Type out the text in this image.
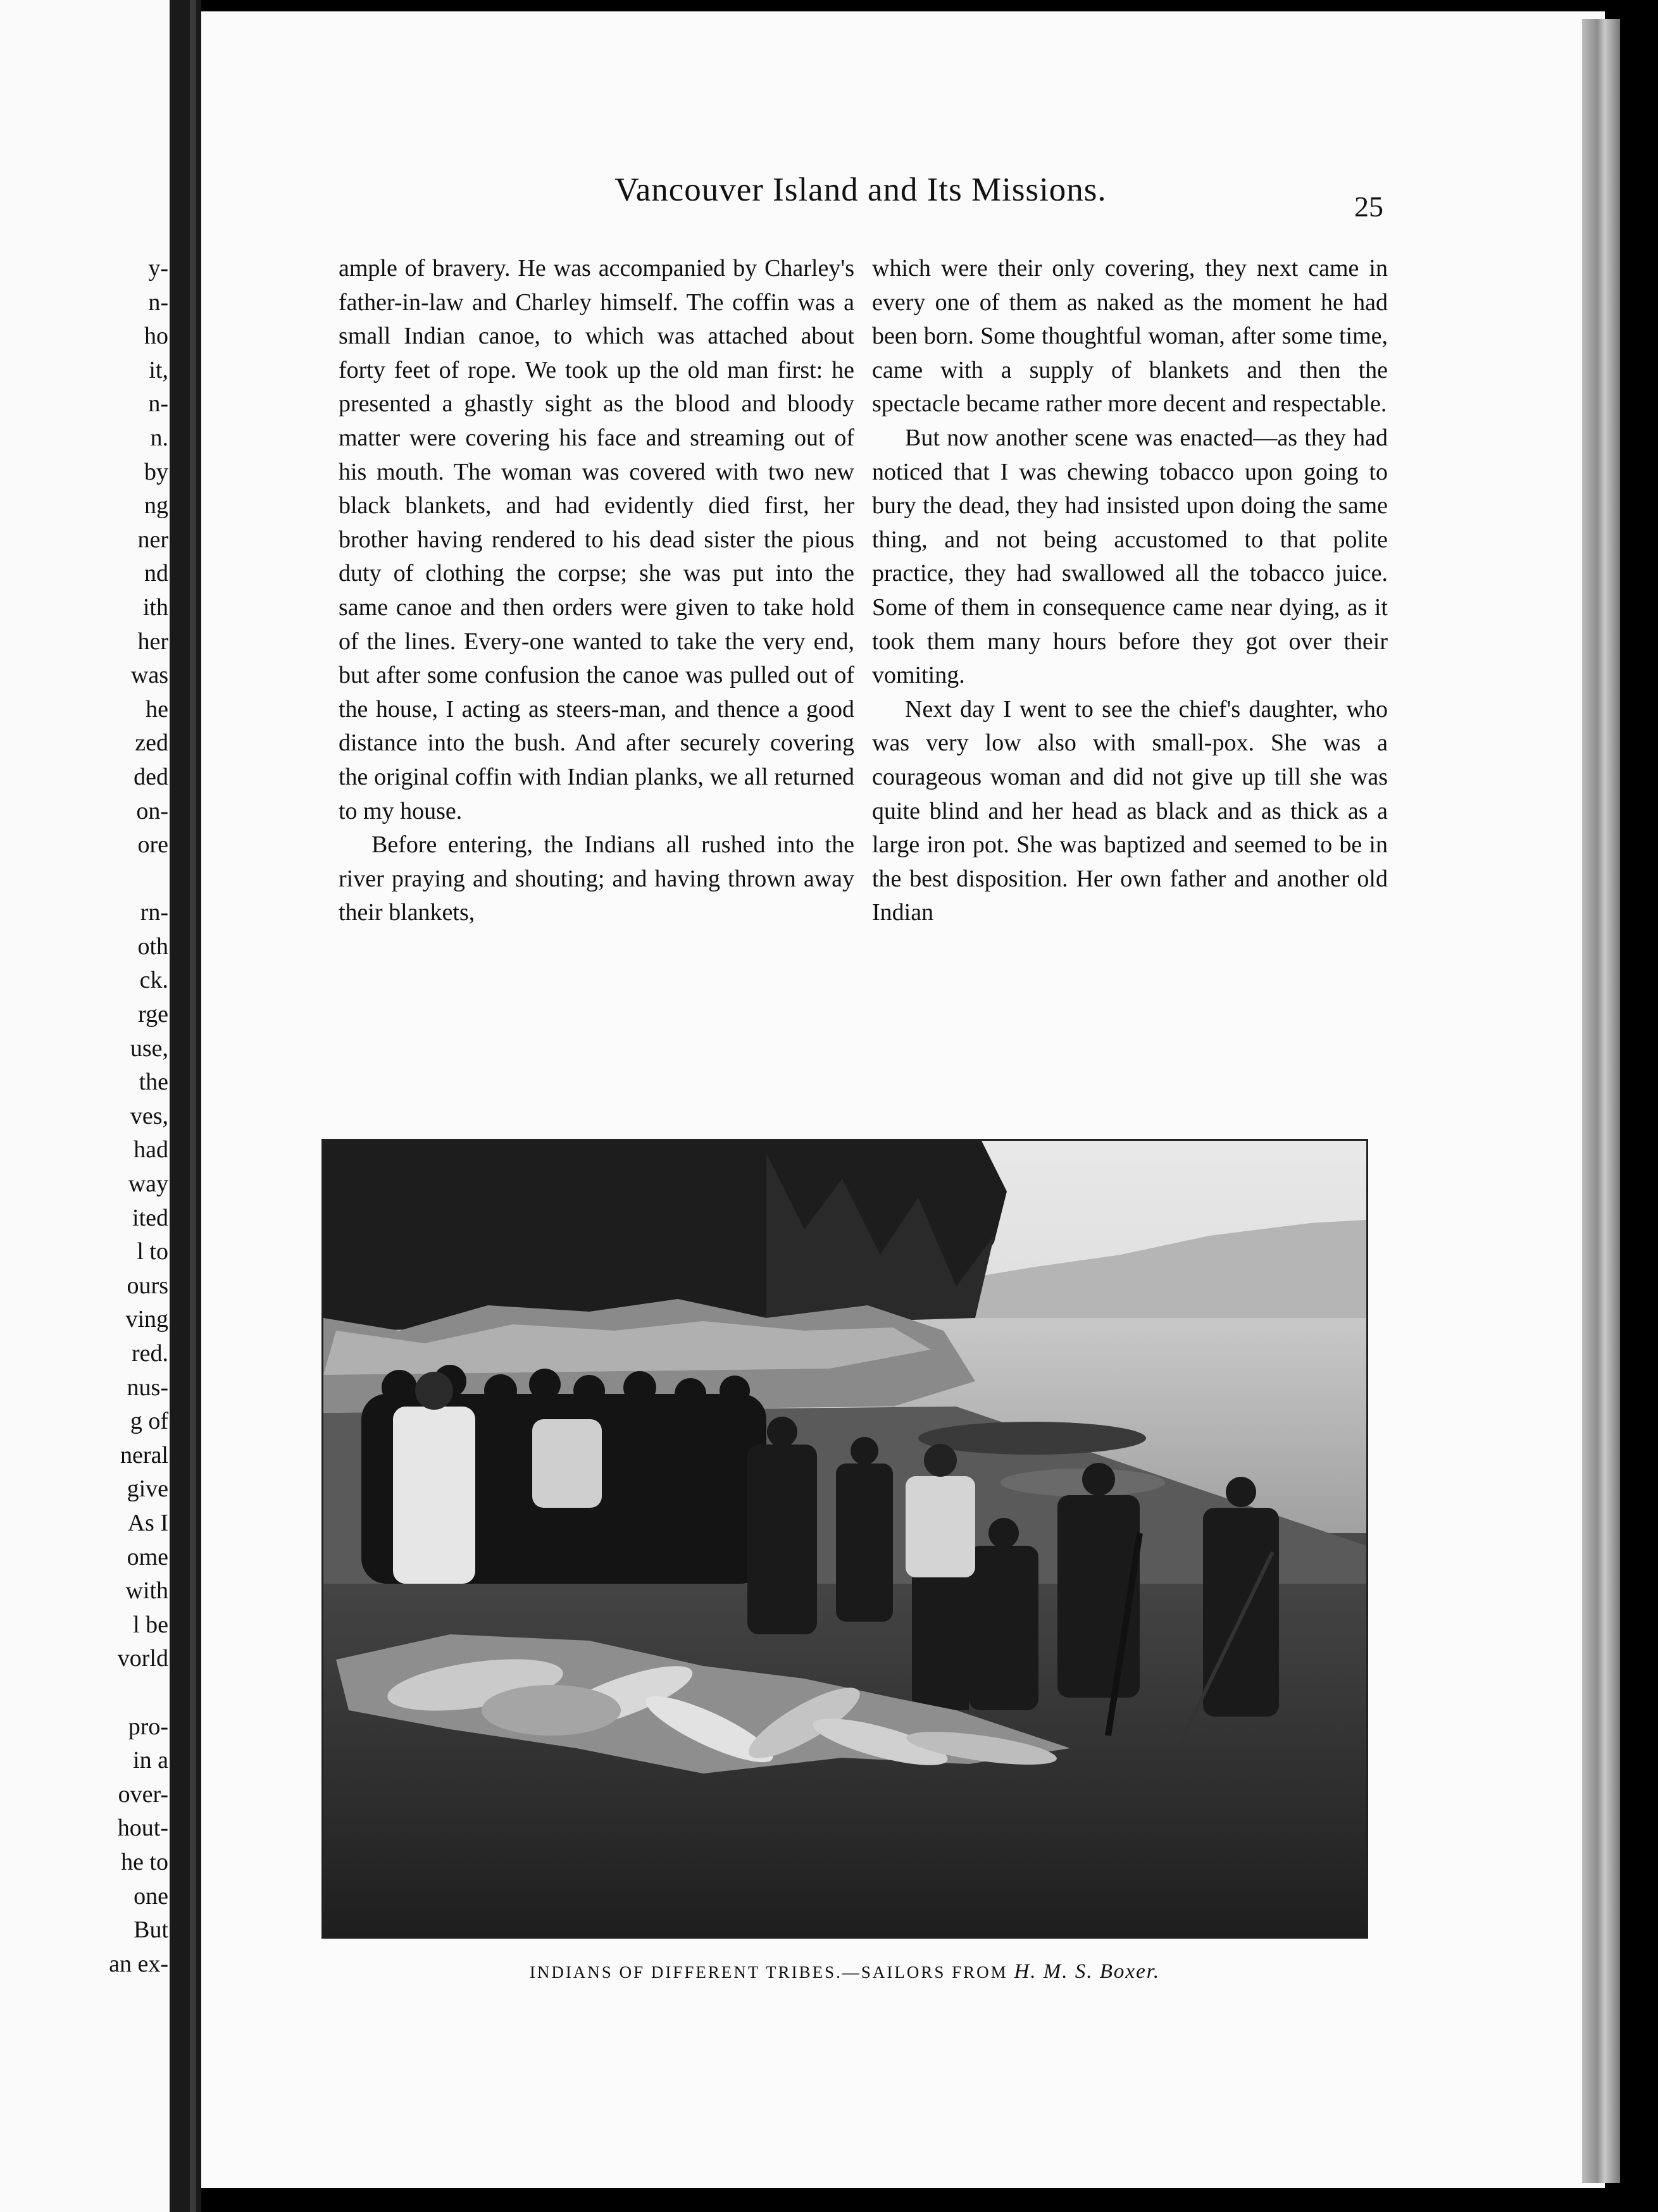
y-
n-
ho
it,
n-
n.
by
ng
ner
nd
ith
her
was
he
zed
ded
on-
ore
rn-
oth
ck.
rge
use,
the
ves,
had
way
ited
l to
ours
ving
red.
nus-
g of
neral
give
As I
ome
with
l be
vorld
pro-
in a
over-
hout-
he to
one
But
an ex-
Vancouver Island and Its Missions.	25

ample of bravery. He was accompanied by Charley's father-in-law and Charley himself. The coffin was a small Indian canoe, to which was attached about forty feet of rope. We took up the old man first: he presented a ghastly sight as the blood and bloody matter were covering his face and streaming out of his mouth. The woman was covered with two new black blankets, and had evidently died first, her brother having rendered to his dead sister the pious duty of clothing the corpse; she was put into the same canoe and then orders were given to take hold of the lines. Every-one wanted to take the very end, but after some confusion the canoe was pulled out of the house, I acting as steers-man, and thence a good distance into the bush. And after securely covering the original coffin with Indian planks, we all returned to my house.

Before entering, the Indians all rushed into the river praying and shouting; and having thrown away their blankets,

which were their only covering, they next came in every one of them as naked as the moment he had been born. Some thoughtful woman, after some time, came with a supply of blankets and then the spectacle became rather more decent and respectable.

But now another scene was enacted—as they had noticed that I was chewing tobacco upon going to bury the dead, they had insisted upon doing the same thing, and not being accustomed to that polite practice, they had swallowed all the tobacco juice. Some of them in consequence came near dying, as it took them many hours before they got over their vomiting.

Next day I went to see the chief's daughter, who was very low also with small-pox. She was a courageous woman and did not give up till she was quite blind and her head as black and as thick as a large iron pot. She was baptized and seemed to be in the best disposition. Her own father and another old Indian

INDIANS OF DIFFERENT TRIBES.—SAILORS FROM H. M. S. Boxer.
